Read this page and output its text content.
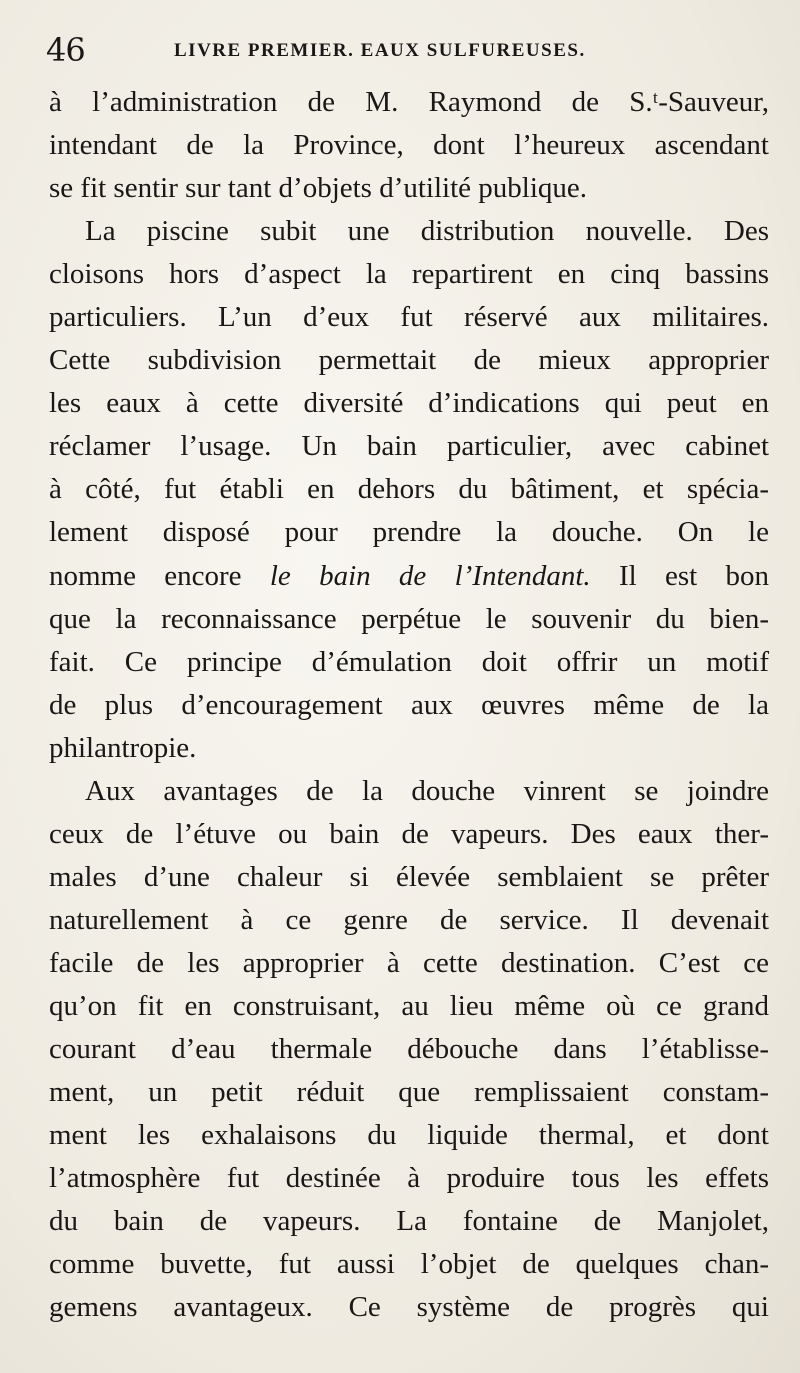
46	LIVRE PREMIER. EAUX SULFUREUSES.
à l’administration de M. Raymond de S.ᵗ-Sauveur,
intendant de la Province, dont l’heureux ascendant
se fit sentir sur tant d’objets d’utilité publique.
La piscine subit une distribution nouvelle. Des
cloisons hors d’aspect la repartirent en cinq bassins
particuliers. L’un d’eux fut réservé aux militaires.
Cette subdivision permettait de mieux approprier
les eaux à cette diversité d’indications qui peut en
réclamer l’usage. Un bain particulier, avec cabinet
à côté, fut établi en dehors du bâtiment, et spécia-
lement disposé pour prendre la douche. On le
nomme encore le bain de l’Intendant. Il est bon
que la reconnaissance perpétue le souvenir du bien-
fait. Ce principe d’émulation doit offrir un motif
de plus d’encouragement aux œuvres même de la
philantropie.
Aux avantages de la douche vinrent se joindre
ceux de l’étuve ou bain de vapeurs. Des eaux ther-
males d’une chaleur si élevée semblaient se prêter
naturellement à ce genre de service. Il devenait
facile de les approprier à cette destination. C’est ce
qu’on fit en construisant, au lieu même où ce grand
courant d’eau thermale débouche dans l’établisse-
ment, un petit réduit que remplissaient constam-
ment les exhalaisons du liquide thermal, et dont
l’atmosphère fut destinée à produire tous les effets
du bain de vapeurs. La fontaine de Manjolet,
comme buvette, fut aussi l’objet de quelques chan-
gemens avantageux. Ce système de progrès qui
